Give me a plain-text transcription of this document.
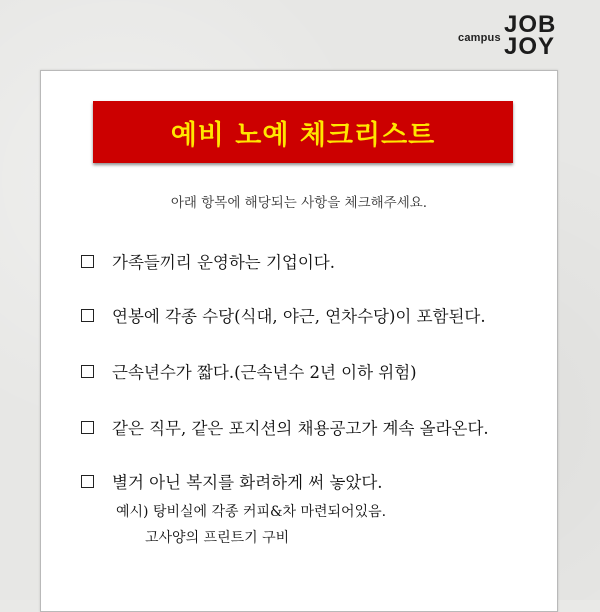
campus JOB
JOY
예비 노예 체크리스트
아래 항목에 해당되는 사항을 체크해주세요.
가족들끼리 운영하는 기업이다.
연봉에 각종 수당(식대, 야근, 연차수당)이 포함된다.
근속년수가 짧다.(근속년수 2년 이하 위험)
같은 직무, 같은 포지션의 채용공고가 계속 올라온다.
별거 아닌 복지를 화려하게 써 놓았다.
예시) 탕비실에 각종 커피&차 마련되어있음.
고사양의 프린트기 구비
